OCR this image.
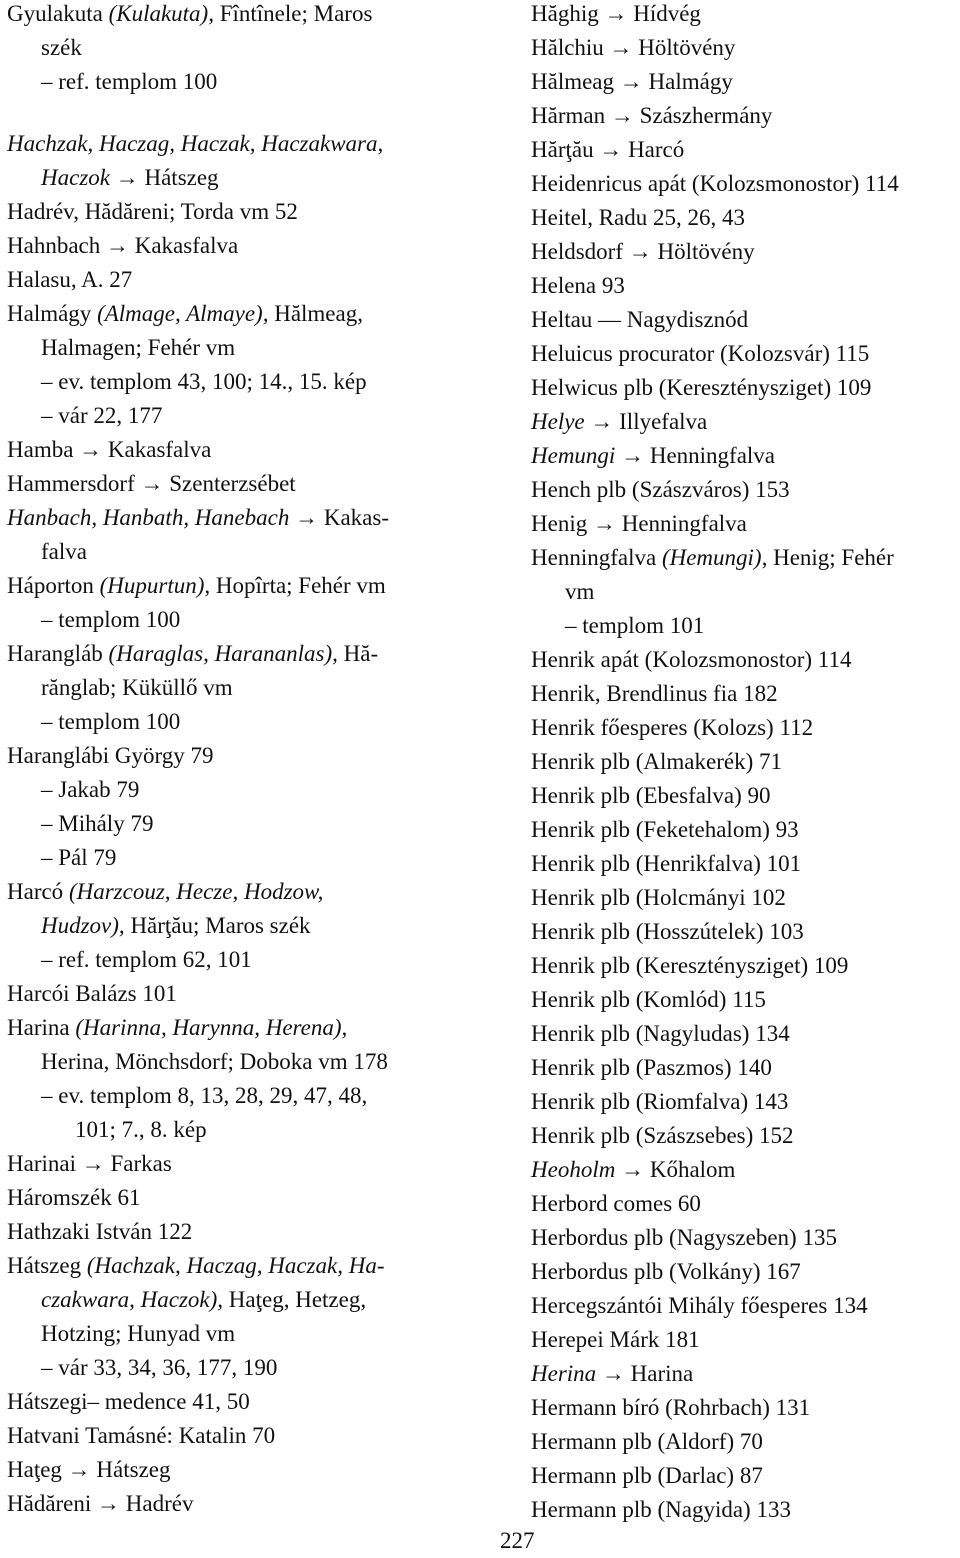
Gyulakuta (Kulakuta), Fîntînele; Maros
szék
– ref. templom 100
Hachzak, Haczag, Haczak, Haczakwara,
Haczok → Hátszeg
Hadrév, Hădăreni; Torda vm 52
Hahnbach → Kakasfalva
Halasu, A. 27
Halmágy (Almage, Almaye), Hălmeag,
Halmagen; Fehér vm
– ev. templom 43, 100; 14., 15. kép
– vár 22, 177
Hamba → Kakasfalva
Hammersdorf → Szenterzsébet
Hanbach, Hanbath, Hanebach → Kakas-
falva
Háporton (Hupurtun), Hopîrta; Fehér vm
– templom 100
Harangláb (Haraglas, Harananlas), Hă-
rănglab; Küküllő vm
– templom 100
Haranglábi György 79
– Jakab 79
– Mihály 79
– Pál 79
Harcó (Harzcouz, Hecze, Hodzow,
Hudzov), Hărţău; Maros szék
– ref. templom 62, 101
Harcói Balázs 101
Harina (Harinna, Harynna, Herena),
Herina, Mönchsdorf; Doboka vm 178
– ev. templom 8, 13, 28, 29, 47, 48,
101; 7., 8. kép
Harinai → Farkas
Háromszék 61
Hathzaki István 122
Hátszeg (Hachzak, Haczag, Haczak, Ha-
czakwara, Haczok), Haţeg, Hetzeg,
Hotzing; Hunyad vm
– vár 33, 34, 36, 177, 190
Hátszegi– medence 41, 50
Hatvani Tamásné: Katalin 70
Haţeg → Hátszeg
Hădăreni → Hadrév
Hăghig → Hídvég
Hălchiu → Höltövény
Hălmeag → Halmágy
Hărman → Szászhermány
Hărţău → Harcó
Heidenricus apát (Kolozsmonostor) 114
Heitel, Radu 25, 26, 43
Heldsdorf → Höltövény
Helena 93
Heltau — Nagydisznód
Heluicus procurator (Kolozsvár) 115
Helwicus plb (Kereszténysziget) 109
Helye → Illyefalva
Hemungi → Henningfalva
Hench plb (Szászváros) 153
Henig → Henningfalva
Henningfalva (Hemungi), Henig; Fehér
vm
– templom 101
Henrik apát (Kolozsmonostor) 114
Henrik, Brendlinus fia 182
Henrik főesperes (Kolozs) 112
Henrik plb (Almakerék) 71
Henrik plb (Ebesfalva) 90
Henrik plb (Feketehalom) 93
Henrik plb (Henrikfalva) 101
Henrik plb (Holcmányi 102
Henrik plb (Hosszútelek) 103
Henrik plb (Kereszténysziget) 109
Henrik plb (Komlód) 115
Henrik plb (Nagyludas) 134
Henrik plb (Paszmos) 140
Henrik plb (Riomfalva) 143
Henrik plb (Szászsebes) 152
Heoholm → Kőhalom
Herbord comes 60
Herbordus plb (Nagyszeben) 135
Herbordus plb (Volkány) 167
Hercegszántói Mihály főesperes 134
Herepei Márk 181
Herina → Harina
Hermann bíró (Rohrbach) 131
Hermann plb (Aldorf) 70
Hermann plb (Darlac) 87
Hermann plb (Nagyida) 133
227
